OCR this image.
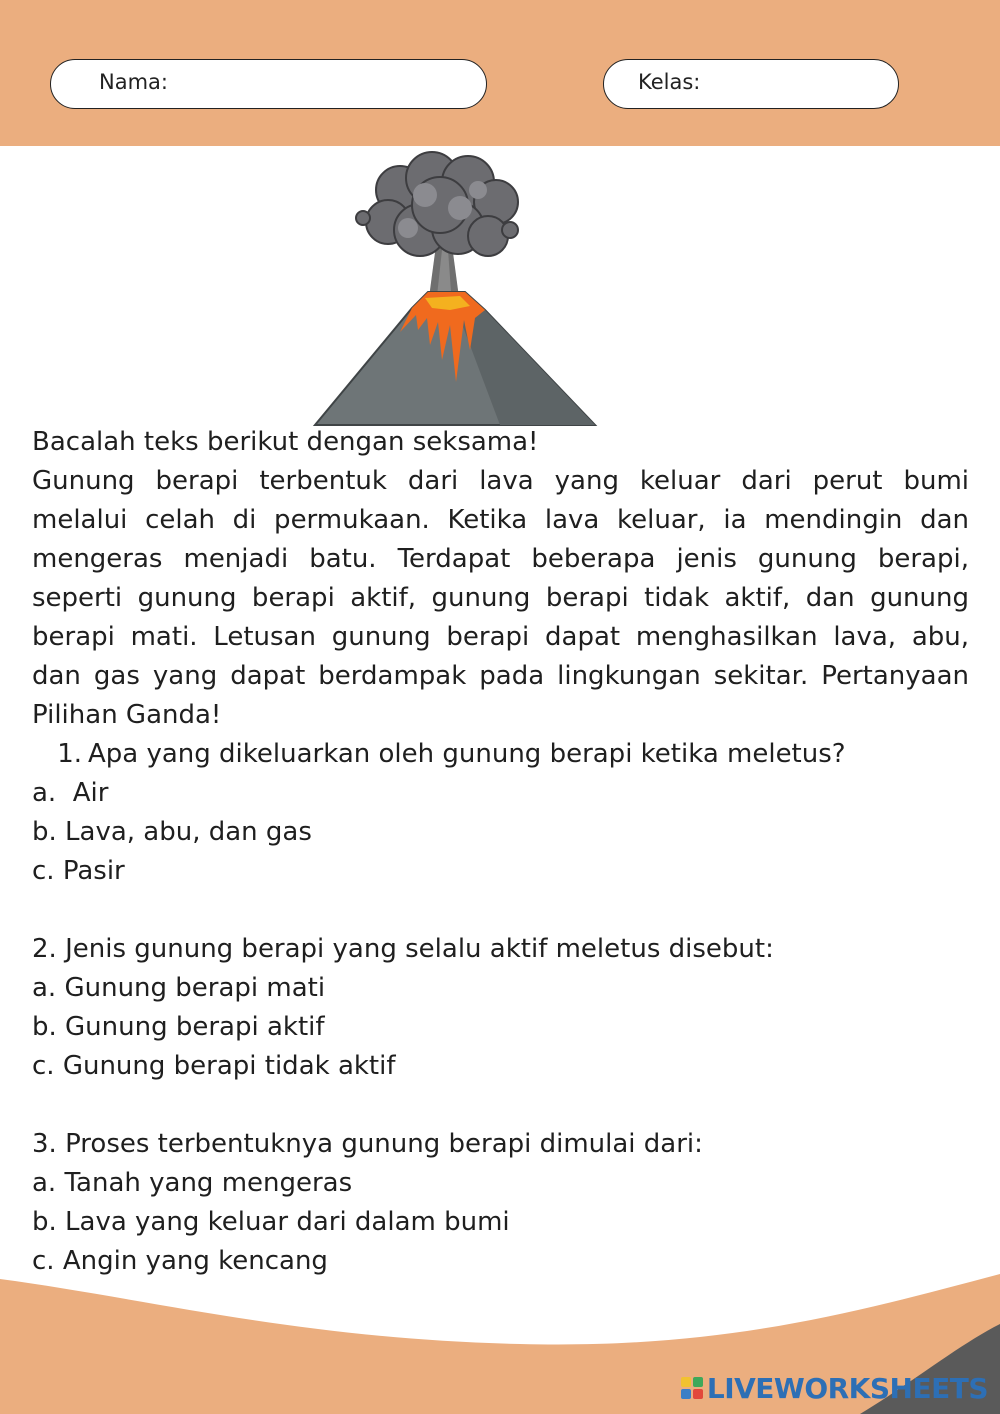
Nama:	Kelas:
Bacalah teks berikut dengan seksama!
Gunung berapi terbentuk dari lava yang keluar dari perut bumi
melalui celah di permukaan. Ketika lava keluar, ia mendingin dan
mengeras menjadi batu. Terdapat beberapa jenis gunung berapi,
seperti gunung berapi aktif, gunung berapi tidak aktif, dan gunung
berapi mati. Letusan gunung berapi dapat menghasilkan lava, abu,
dan gas yang dapat berdampak pada lingkungan sekitar. Pertanyaan
Pilihan Ganda!
1. Apa yang dikeluarkan oleh gunung berapi ketika meletus?
a.  Air
b. Lava, abu, dan gas
c. Pasir
2. Jenis gunung berapi yang selalu aktif meletus disebut:
a. Gunung berapi mati
b. Gunung berapi aktif
c. Gunung berapi tidak aktif
3. Proses terbentuknya gunung berapi dimulai dari:
a. Tanah yang mengeras
b. Lava yang keluar dari dalam bumi
c. Angin yang kencang
LIVEWORKSHEETS
